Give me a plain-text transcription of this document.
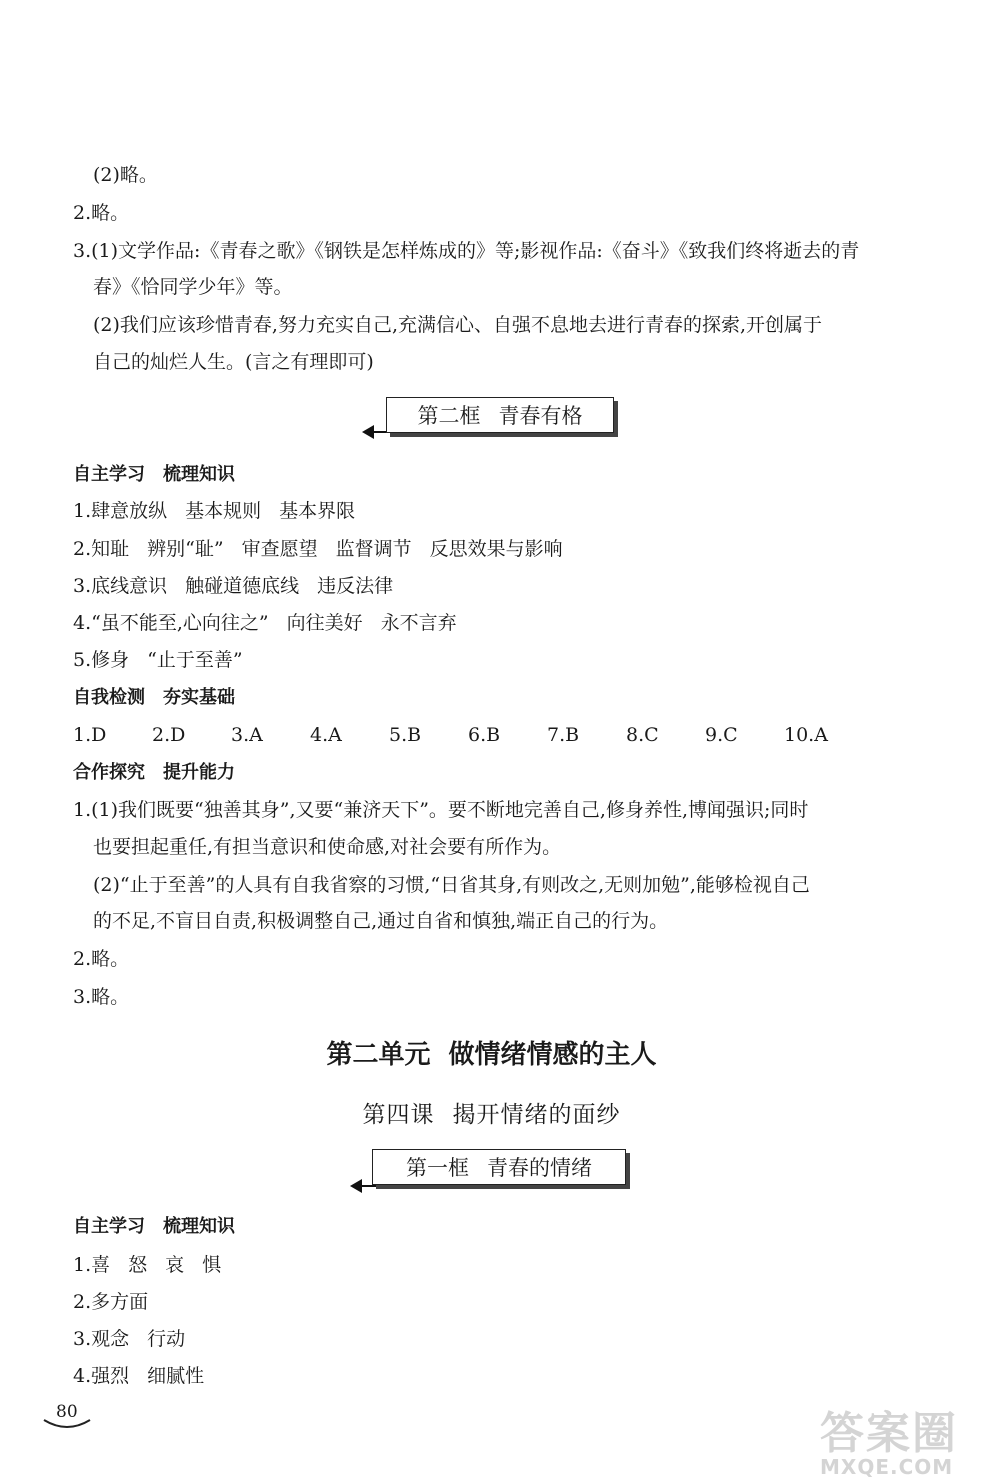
(2)略。
2.略。
3.(1)文学作品:《青春之歌》《钢铁是怎样炼成的》等;影视作品:《奋斗》《致我们终将逝去的青
春》《恰同学少年》等。
(2)我们应该珍惜青春,努力充实自己,充满信心、自强不息地去进行青春的探索,开创属于
自己的灿烂人生。(言之有理即可)
第二框 青春有格
自主学习 梳理知识
1.肆意放纵 基本规则 基本界限
2.知耻 辨别“耻” 审查愿望 监督调节 反思效果与影响
3.底线意识 触碰道德底线 违反法律
4.“虽不能至,心向往之” 向往美好 永不言弃
5.修身 “止于至善”
自我检测 夯实基础
1.D 2.D 3.A 4.A 5.B 6.B 7.B 8.C 9.C 10.A
合作探究 提升能力
1.(1)我们既要“独善其身”,又要“兼济天下”。要不断地完善自己,修身养性,博闻强识;同时
也要担起重任,有担当意识和使命感,对社会要有所作为。
(2)“止于至善”的人具有自我省察的习惯,“日省其身,有则改之,无则加勉”,能够检视自己
的不足,不盲目自责,积极调整自己,通过自省和慎独,端正自己的行为。
2.略。
3.略。
第二单元 做情绪情感的主人
第四课 揭开情绪的面纱
第一框 青春的情绪
自主学习 梳理知识
1.喜 怒 哀 惧
2.多方面
3.观念 行动
4.强烈 细腻性
80	答案圈
MXQE.COM
